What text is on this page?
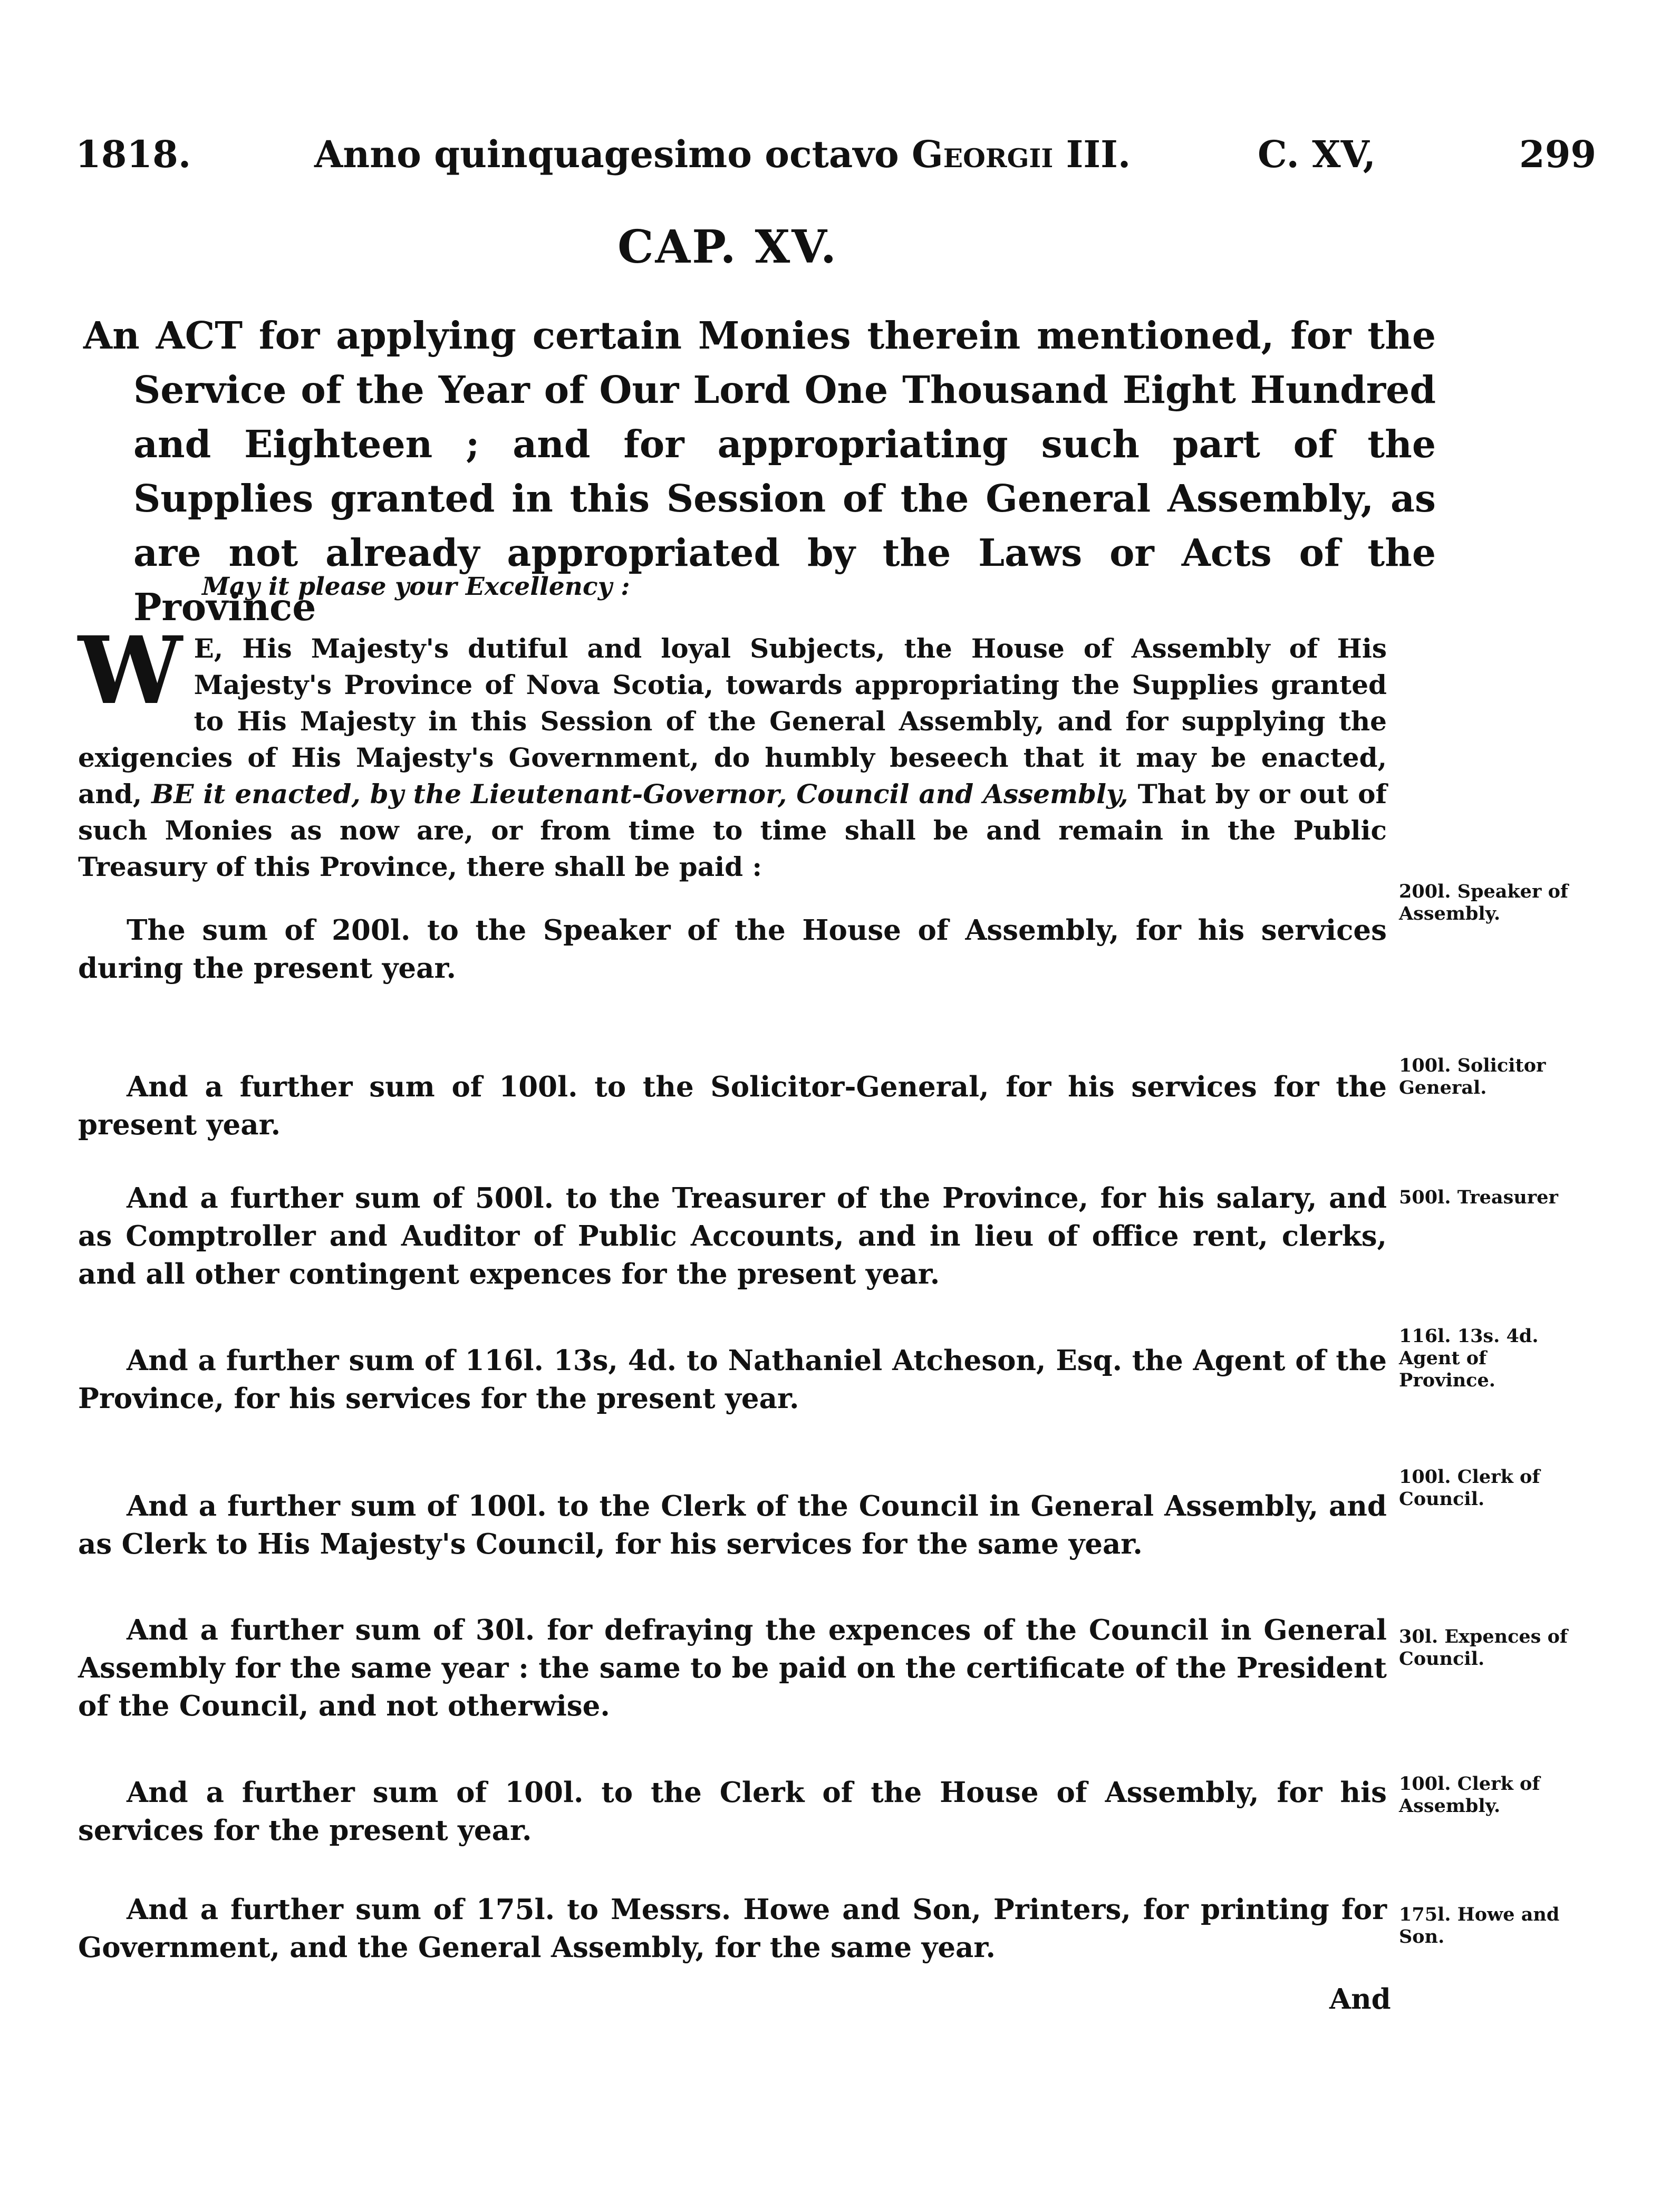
1818.	Anno quinquagesimo octavo Georgii III.	C. XV,	299
CAP. XV.
An ACT for applying certain Monies therein mentioned, for the Service of the Year of Our Lord One Thousand Eight Hundred and Eighteen ; and for appropriating such part of the Supplies granted in this Session of the General Assembly, as are not already appropriated by the Laws or Acts of the Province
May it please your Excellency :
W E, His Majesty's dutiful and loyal Subjects, the House of Assembly of His Majesty's Province of Nova Scotia, towards appropriating the Supplies granted to His Majesty in this Session of the General Assembly, and for supplying the exigencies of His Majesty's Government, do humbly beseech that it may be enacted, and, BE it enacted, by the Lieutenant-Governor, Council and Assembly, That by or out of such Monies as now are, or from time to time shall be and remain in the Public Treasury of this Province, there shall be paid :
The sum of 200l. to the Speaker of the House of Assembly, for his services during the present year.
200l. Speaker of Assembly.
And a further sum of 100l. to the Solicitor-General, for his services for the present year.
100l. Solicitor General.
And a further sum of 500l. to the Treasurer of the Province, for his salary, and as Comptroller and Auditor of Public Accounts, and in lieu of office rent, clerks, and all other contingent expences for the present year.
500l. Treasurer
And a further sum of 116l. 13s, 4d. to Nathaniel Atcheson, Esq. the Agent of the Province, for his services for the present year.
116l. 13s. 4d. Agent of Province.
And a further sum of 100l. to the Clerk of the Council in General Assembly, and as Clerk to His Majesty's Council, for his services for the same year.
100l. Clerk of Council.
And a further sum of 30l. for defraying the expences of the Council in General Assembly for the same year : the same to be paid on the certificate of the President of the Council, and not otherwise.
30l. Expences of Council.
And a further sum of 100l. to the Clerk of the House of Assembly, for his services for the present year.
100l. Clerk of Assembly.
And a further sum of 175l. to Messrs. Howe and Son, Printers, for printing for Government, and the General Assembly, for the same year.
175l. Howe and Son.
And
